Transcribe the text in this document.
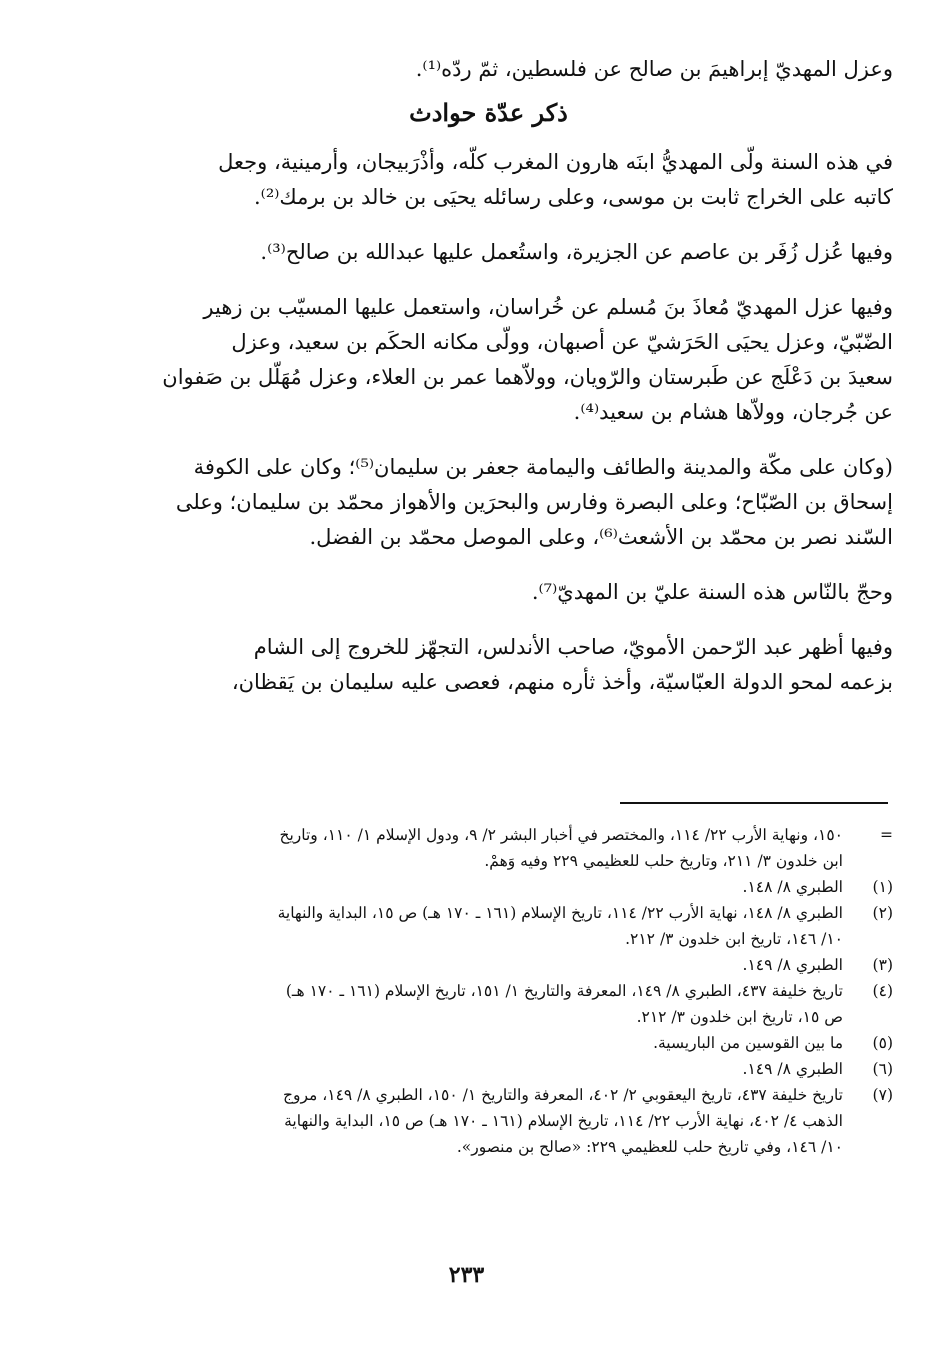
وعزل المهديّ إبراهيمَ بن صالح عن فلسطين، ثمّ ردّه⁽¹⁾.
ذكر عدّة حوادث
في هذه السنة ولّى المهديُّ ابنَه هارون المغرب كلّه، وأذْرَبيجان، وأرمينية، وجعل
كاتبه على الخراج ثابت بن موسى، وعلى رسائله يحيَى بن خالد بن برمك⁽²⁾.
وفيها عُزل زُفَر بن عاصم عن الجزيرة، واستُعمل عليها عبدالله بن صالح⁽³⁾.
وفيها عزل المهديّ مُعاذَ بنَ مُسلم عن خُراسان، واستعمل عليها المسيّب بن زهير
الضّبّيّ، وعزل يحيَى الحَرَشيّ عن أصبهان، وولّى مكانه الحكَم بن سعيد، وعزل
سعيدَ بن دَعْلَج عن طَبرستان والرّويان، وولاّهما عمر بن العلاء، وعزل مُهَلّل بن صَفوان
عن جُرجان، وولاّها هشام بن سعيد⁽⁴⁾.
(وكان على مكّة والمدينة والطائف واليمامة جعفر بن سليمان⁽⁵⁾؛ وكان على الكوفة
إسحاق بن الصّبّاح؛ وعلى البصرة وفارس والبحرَين والأهواز محمّد بن سليمان؛ وعلى
السّند نصر بن محمّد بن الأشعث⁽⁶⁾، وعلى الموصل محمّد بن الفضل.
وحجّ بالنّاس هذه السنة عليّ بن المهديّ⁽⁷⁾.
وفيها أظهر عبد الرّحمن الأمويّ، صاحب الأندلس، التجهّز للخروج إلى الشام
بزعمه لمحو الدولة العبّاسيّة، وأخذ ثأره منهم، فعصى عليه سليمان بن يَقظان،
=
١٥٠، ونهاية الأرب ٢٢/ ١١٤، والمختصر في أخبار البشر ٢/ ٩، ودول الإسلام ١/ ١١٠، وتاريخ
ابن خلدون ٣/ ٢١١، وتاريخ حلب للعظيمي ٢٢٩ وفيه وَهمْ.
(١)
الطبري ٨/ ١٤٨.
(٢)
الطبري ٨/ ١٤٨، نهاية الأرب ٢٢/ ١١٤، تاريخ الإسلام (١٦١ ـ ١٧٠ هـ) ص ١٥، البداية والنهاية
١٠/ ١٤٦، تاريخ ابن خلدون ٣/ ٢١٢.
(٣)
الطبري ٨/ ١٤٩.
(٤)
تاريخ خليفة ٤٣٧، الطبري ٨/ ١٤٩، المعرفة والتاريخ ١/ ١٥١، تاريخ الإسلام (١٦١ ـ ١٧٠ هـ)
ص ١٥، تاريخ ابن خلدون ٣/ ٢١٢.
(٥)
ما بين القوسين من الباريسية.
(٦)
الطبري ٨/ ١٤٩.
(٧)
تاريخ خليفة ٤٣٧، تاريخ اليعقوبي ٢/ ٤٠٢، المعرفة والتاريخ ١/ ١٥٠، الطبري ٨/ ١٤٩، مروج
الذهب ٤/ ٤٠٢، نهاية الأرب ٢٢/ ١١٤، تاريخ الإسلام (١٦١ ـ ١٧٠ هـ) ص ١٥، البداية والنهاية
١٠/ ١٤٦، وفي تاريخ حلب للعظيمي ٢٢٩: «صالح بن منصور».
٢٣٣
